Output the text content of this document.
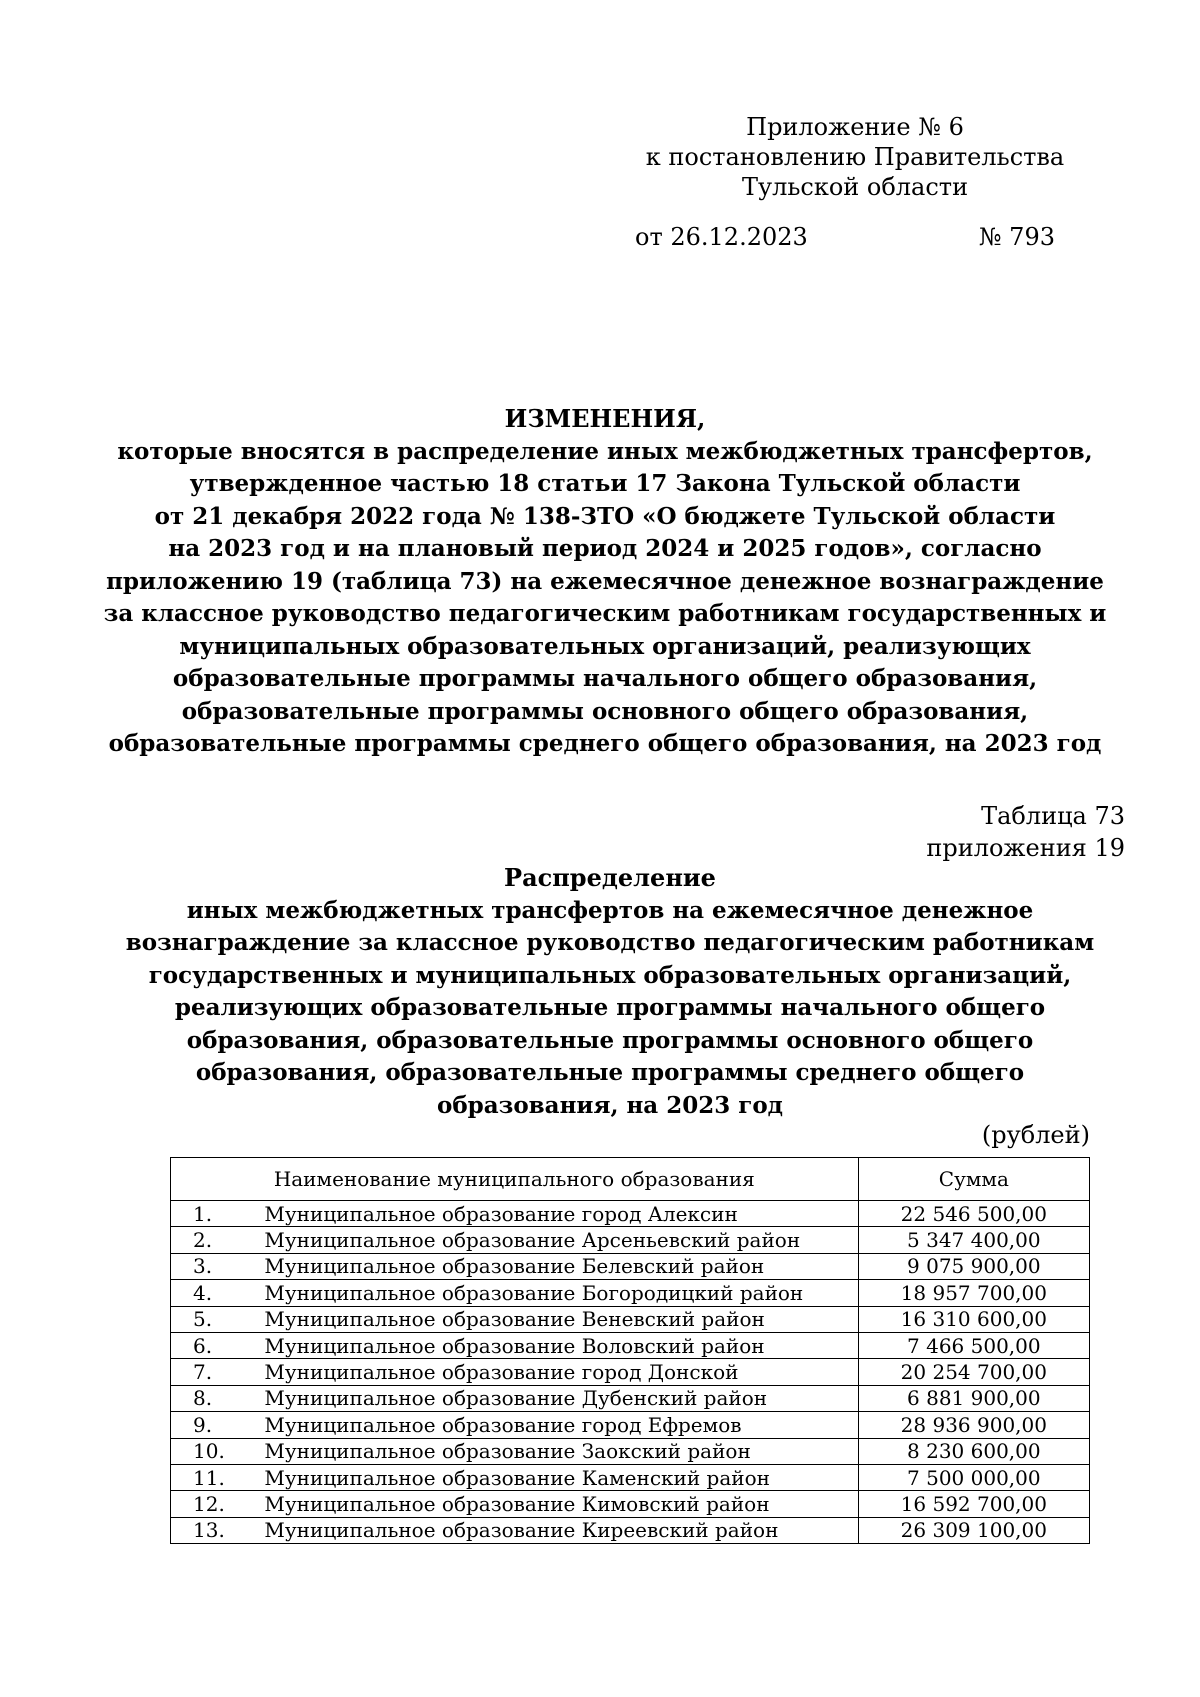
Приложение № 6
к постановлению Правительства
Тульской области
от 26.12.2023	№ 793
ИЗМЕНЕНИЯ,
которые вносятся в распределение иных межбюджетных трансфертов,
утвержденное частью 18 статьи 17 Закона Тульской области
от 21 декабря 2022 года № 138-ЗТО «О бюджете Тульской области
на 2023 год и на плановый период 2024 и 2025 годов», согласно
приложению 19 (таблица 73) на ежемесячное денежное вознаграждение
за классное руководство педагогическим работникам государственных и
муниципальных образовательных организаций, реализующих
образовательные программы начального общего образования,
образовательные программы основного общего образования,
образовательные программы среднего общего образования, на 2023 год
Таблица 73
приложения 19
Распределение
иных межбюджетных трансфертов на ежемесячное денежное
вознаграждение за классное руководство педагогическим работникам
государственных и муниципальных образовательных организаций,
реализующих образовательные программы начального общего
образования, образовательные программы основного общего
образования, образовательные программы среднего общего
образования, на 2023 год
(рублей)
Наименование муниципального образования		Сумма
1.	Муниципальное образование город Алексин	22 546 500,00
2.	Муниципальное образование Арсеньевский район	5 347 400,00
3.	Муниципальное образование Белевский район	9 075 900,00
4.	Муниципальное образование Богородицкий район	18 957 700,00
5.	Муниципальное образование Веневский район	16 310 600,00
6.	Муниципальное образование Воловский район	7 466 500,00
7.	Муниципальное образование город Донской	20 254 700,00
8.	Муниципальное образование Дубенский район	6 881 900,00
9.	Муниципальное образование город Ефремов	28 936 900,00
10.	Муниципальное образование Заокский район	8 230 600,00
11.	Муниципальное образование Каменский район	7 500 000,00
12.	Муниципальное образование Кимовский район	16 592 700,00
13.	Муниципальное образование Киреевский район	26 309 100,00
